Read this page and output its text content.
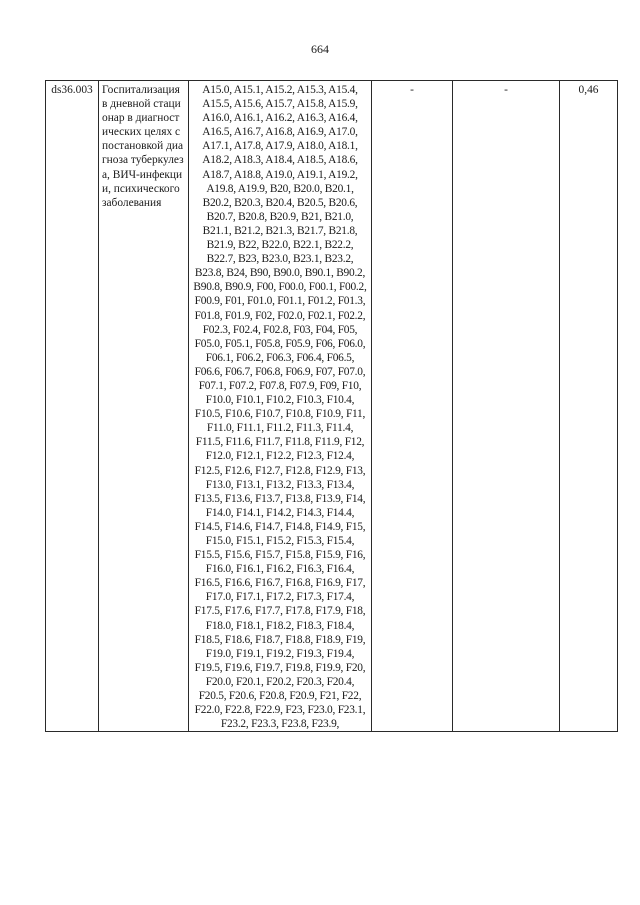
664
ds36.003	Госпитализация в дневной стационар в диагностических целях с постановкой диагноза туберкулеза, ВИЧ-инфекции, психического заболевания	A15.0, A15.1, A15.2, A15.3, A15.4, A15.5, A15.6, A15.7, A15.8, A15.9, A16.0, A16.1, A16.2, A16.3, A16.4, A16.5, A16.7, A16.8, A16.9, A17.0, A17.1, A17.8, A17.9, A18.0, A18.1, A18.2, A18.3, A18.4, A18.5, A18.6, A18.7, A18.8, A19.0, A19.1, A19.2, A19.8, A19.9, B20, B20.0, B20.1, B20.2, B20.3, B20.4, B20.5, B20.6, B20.7, B20.8, B20.9, B21, B21.0, B21.1, B21.2, B21.3, B21.7, B21.8, B21.9, B22, B22.0, B22.1, B22.2, B22.7, B23, B23.0, B23.1, B23.2, B23.8, B24, B90, B90.0, B90.1, B90.2, B90.8, B90.9, F00, F00.0, F00.1, F00.2, F00.9, F01, F01.0, F01.1, F01.2, F01.3, F01.8, F01.9, F02, F02.0, F02.1, F02.2, F02.3, F02.4, F02.8, F03, F04, F05, F05.0, F05.1, F05.8, F05.9, F06, F06.0, F06.1, F06.2, F06.3, F06.4, F06.5, F06.6, F06.7, F06.8, F06.9, F07, F07.0, F07.1, F07.2, F07.8, F07.9, F09, F10, F10.0, F10.1, F10.2, F10.3, F10.4, F10.5, F10.6, F10.7, F10.8, F10.9, F11, F11.0, F11.1, F11.2, F11.3, F11.4, F11.5, F11.6, F11.7, F11.8, F11.9, F12, F12.0, F12.1, F12.2, F12.3, F12.4, F12.5, F12.6, F12.7, F12.8, F12.9, F13, F13.0, F13.1, F13.2, F13.3, F13.4, F13.5, F13.6, F13.7, F13.8, F13.9, F14, F14.0, F14.1, F14.2, F14.3, F14.4, F14.5, F14.6, F14.7, F14.8, F14.9, F15, F15.0, F15.1, F15.2, F15.3, F15.4, F15.5, F15.6, F15.7, F15.8, F15.9, F16, F16.0, F16.1, F16.2, F16.3, F16.4, F16.5, F16.6, F16.7, F16.8, F16.9, F17, F17.0, F17.1, F17.2, F17.3, F17.4, F17.5, F17.6, F17.7, F17.8, F17.9, F18, F18.0, F18.1, F18.2, F18.3, F18.4, F18.5, F18.6, F18.7, F18.8, F18.9, F19, F19.0, F19.1, F19.2, F19.3, F19.4, F19.5, F19.6, F19.7, F19.8, F19.9, F20, F20.0, F20.1, F20.2, F20.3, F20.4, F20.5, F20.6, F20.8, F20.9, F21, F22, F22.0, F22.8, F22.9, F23, F23.0, F23.1, F23.2, F23.3, F23.8, F23.9,	-	-	0,46
